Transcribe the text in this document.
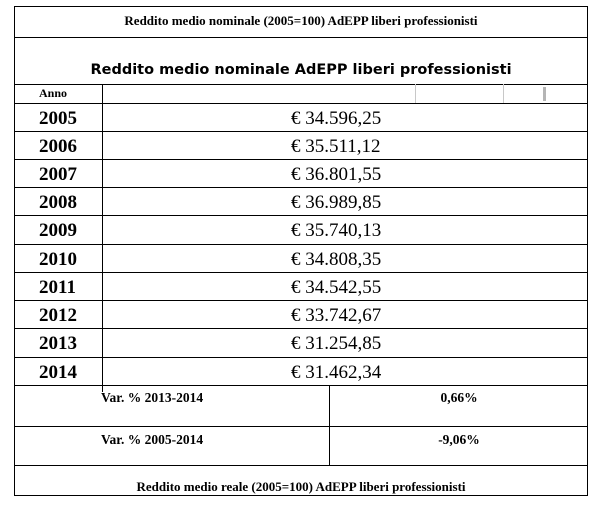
Reddito medio nominale (2005=100) AdEPP liberi professionisti
Reddito medio nominale AdEPP liberi professionisti
Anno
2005	€ 34.596,25
2006	€ 35.511,12
2007	€ 36.801,55
2008	€ 36.989,85
2009	€ 35.740,13
2010	€ 34.808,35
2011	€ 34.542,55
2012	€ 33.742,67
2013	€ 31.254,85
2014	€ 31.462,34
Var. % 2013-2014	0,66%
Var. % 2005-2014	-9,06%
Reddito medio reale (2005=100) AdEPP liberi professionisti
